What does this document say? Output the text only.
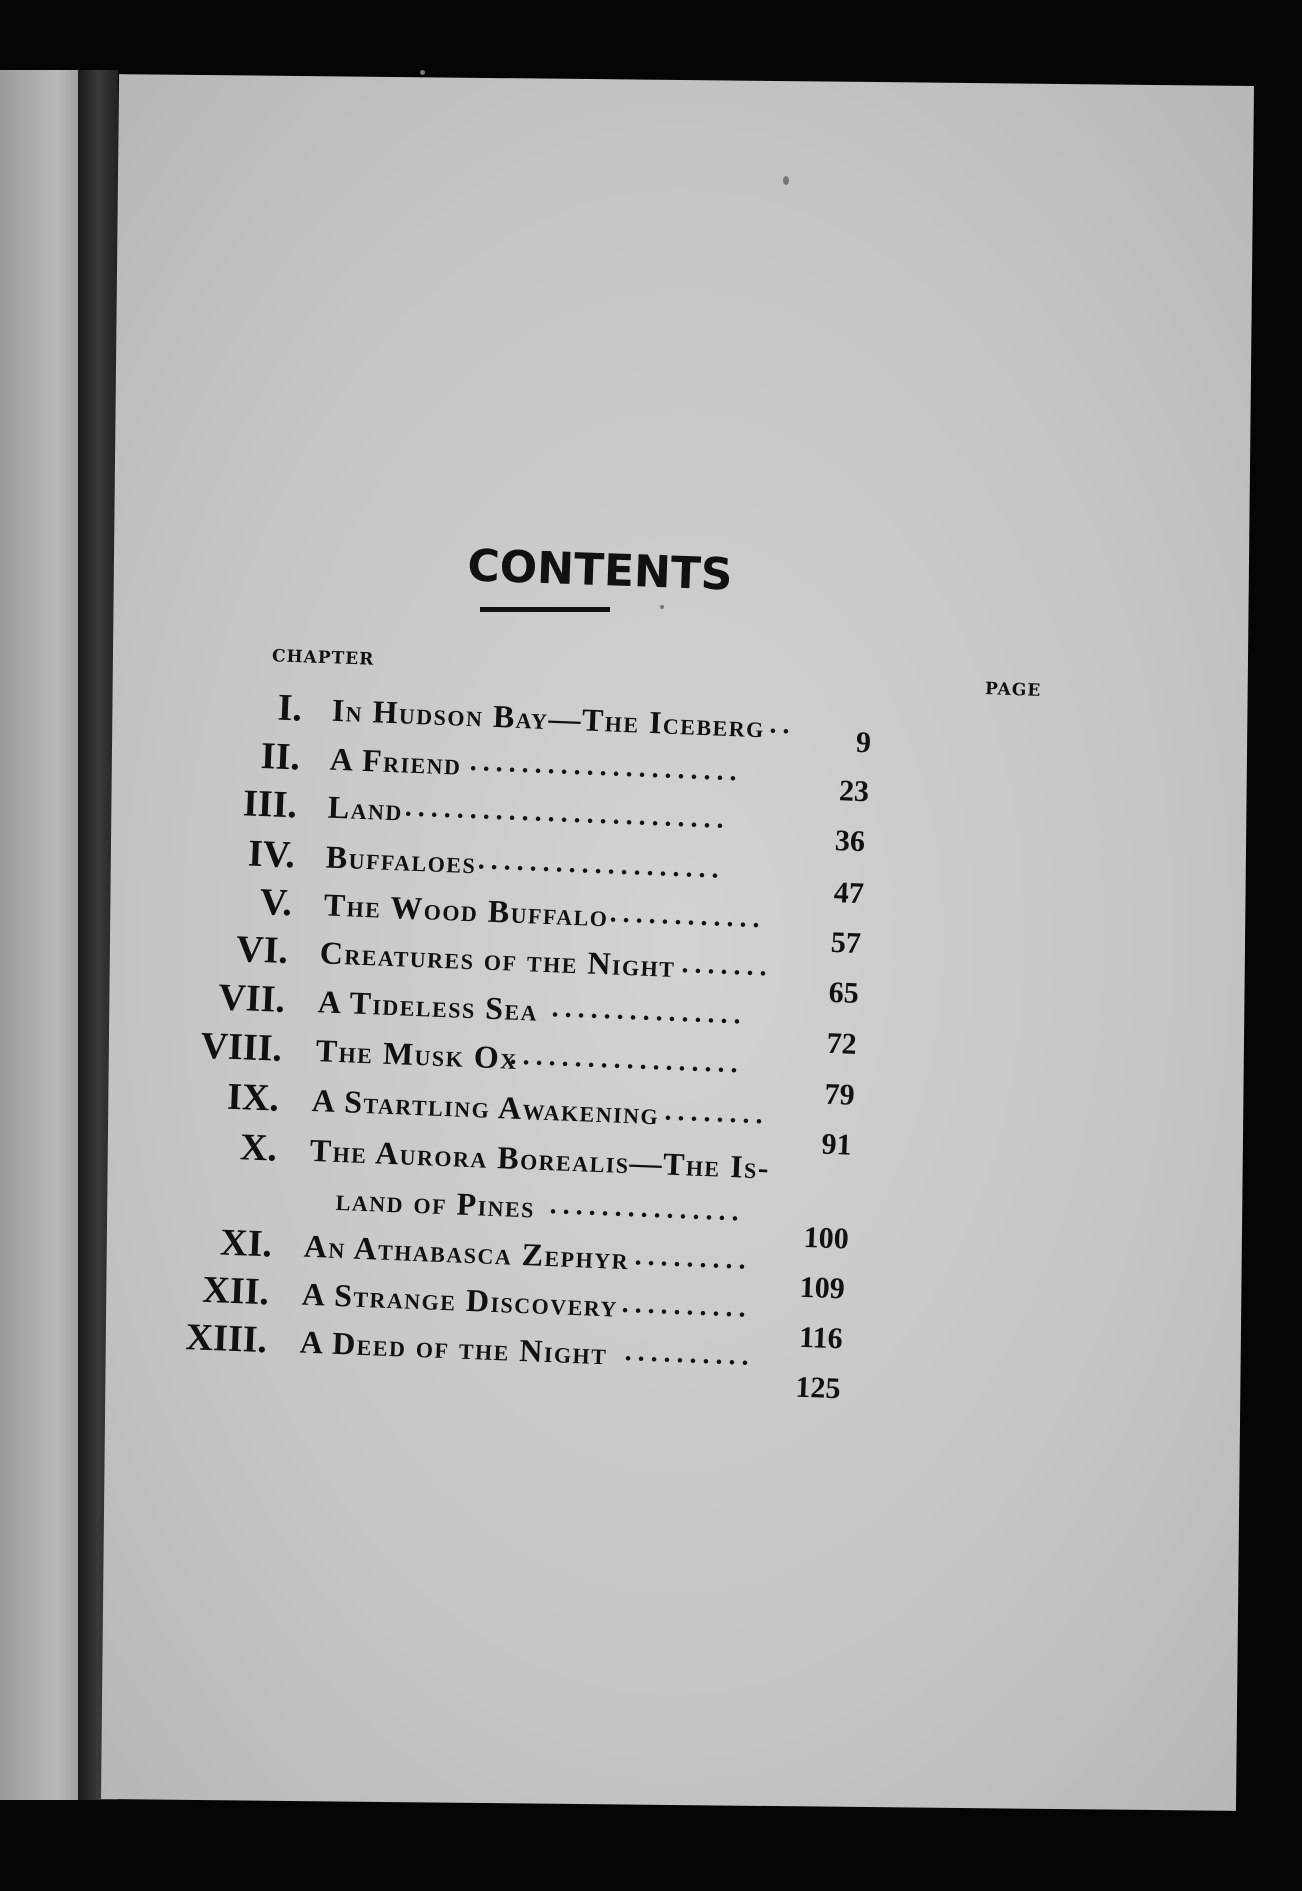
CONTENTS
CHAPTER
PAGE
I. In Hudson Bay—The Iceberg ..
9
II. A Friend .....................
23
III. Land .........................
36
IV. Buffaloes ...................
47
V. The Wood Buffalo ............
57
VI. Creatures of the Night .......
65
VII. A Tideless Sea ...............
72
VIII. The Musk Ox
..................
79
IX. A Startling Awakening ........
91
X. The Aurora Borealis—The Is-
land of Pines ...............
100
XI. An Athabasca Zephyr .........
109
XII. A Strange Discovery ..........
116
XIII. A Deed of the Night ..........
125
